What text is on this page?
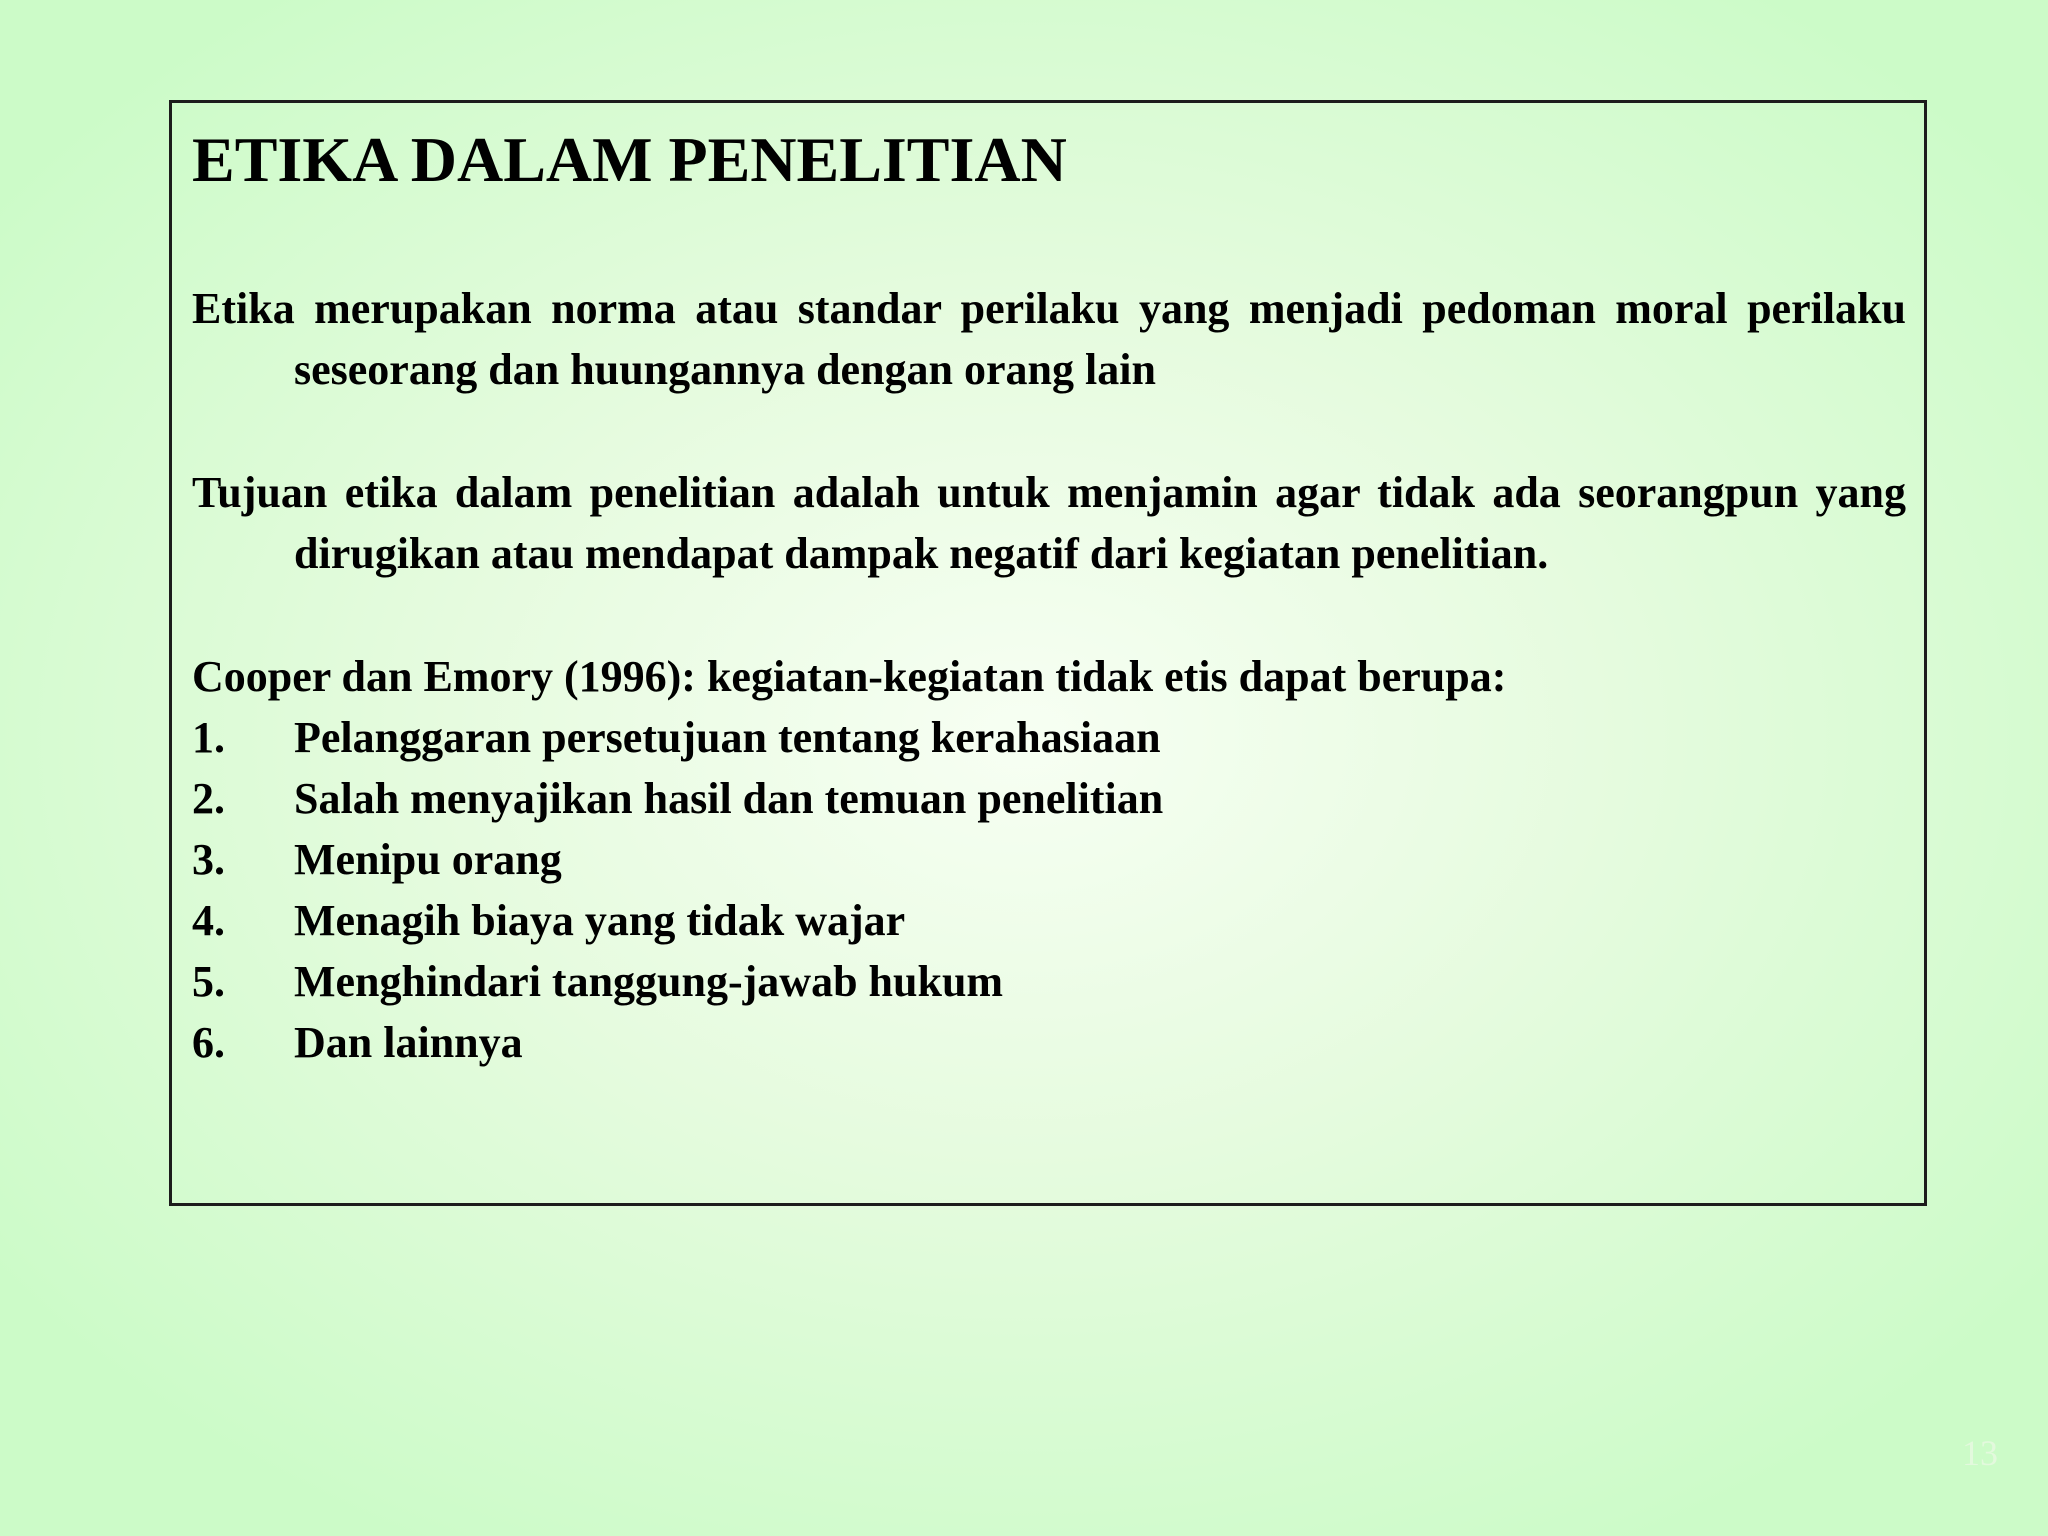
ETIKA DALAM PENELITIAN

Etika merupakan norma atau standar perilaku yang menjadi pedoman moral perilaku seseorang dan huungannya dengan orang lain

Tujuan etika dalam penelitian adalah untuk menjamin agar tidak ada seorangpun yang dirugikan atau mendapat dampak negatif dari kegiatan penelitian.

Cooper dan Emory (1996): kegiatan-kegiatan tidak etis dapat berupa:

1.	Pelanggaran persetujuan tentang kerahasiaan
2.	Salah menyajikan hasil dan temuan penelitian
3.	Menipu orang
4.	Menagih biaya yang tidak wajar
5.	Menghindari tanggung-jawab hukum
6.	Dan lainnya
13
